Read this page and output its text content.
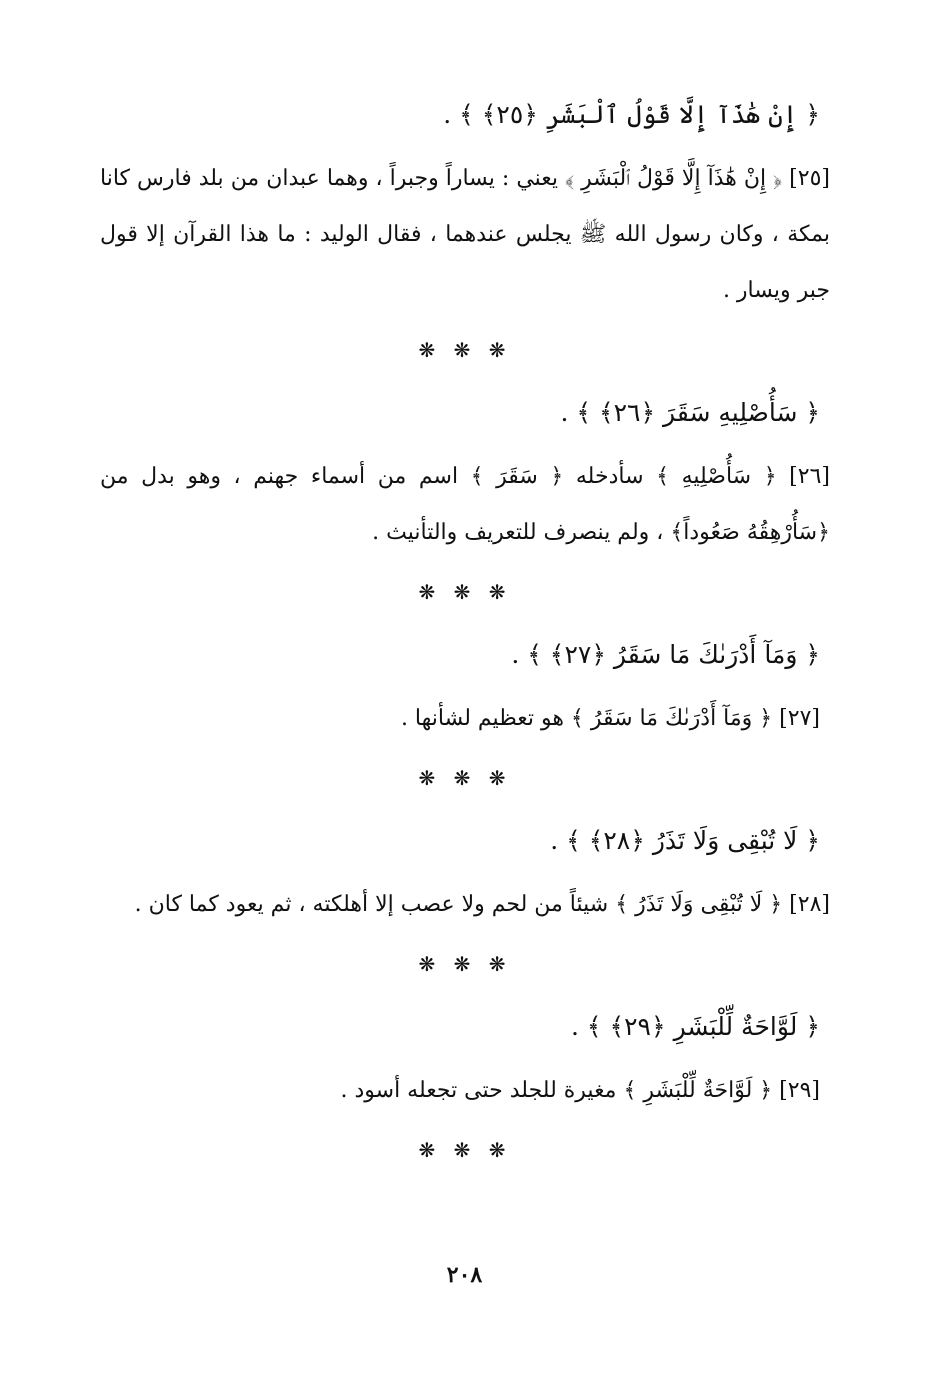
﴿ إِنْ هَٰذَآ إِلَّا قَوْلُ ٱلْبَشَرِ ﴿٢٥﴾ ﴾ .

[٢٥] ﴿ إِنْ هَٰذَآ إِلَّا قَوْلُ ٱلْبَشَرِ ﴾ يعني : يساراً وجبراً ، وهما عبدان من بلد فارس كانا بمكة ، وكان رسول الله ﷺ يجلس عندهما ، فقال الوليد : ما هذا القرآن إلا قول جبر ويسار .

❋ ❋ ❋

﴿ سَأُصْلِيهِ سَقَرَ ﴿٢٦﴾ ﴾ .

[٢٦] ﴿ سَأُصْلِيهِ ﴾ سأدخله ﴿ سَقَرَ ﴾ اسم من أسماء جهنم ، وهو بدل من ﴿سَأُرْهِقُهُ صَعُوداً﴾ ، ولم ينصرف للتعريف والتأنيث .

❋ ❋ ❋

﴿ وَمَآ أَدْرَىٰكَ مَا سَقَرُ ﴿٢٧﴾ ﴾ .

[٢٧] ﴿ وَمَآ أَدْرَىٰكَ مَا سَقَرُ ﴾ هو تعظيم لشأنها .

❋ ❋ ❋

﴿ لَا تُبْقِى وَلَا تَذَرُ ﴿٢٨﴾ ﴾ .

[٢٨] ﴿ لَا تُبْقِى وَلَا تَذَرُ ﴾ شيئاً من لحم ولا عصب إلا أهلكته ، ثم يعود كما كان .

❋ ❋ ❋

﴿ لَوَّاحَةٌ لِّلْبَشَرِ ﴿٢٩﴾ ﴾ .

[٢٩] ﴿ لَوَّاحَةٌ لِّلْبَشَرِ ﴾ مغيرة للجلد حتى تجعله أسود .

❋ ❋ ❋
٢٠٨
